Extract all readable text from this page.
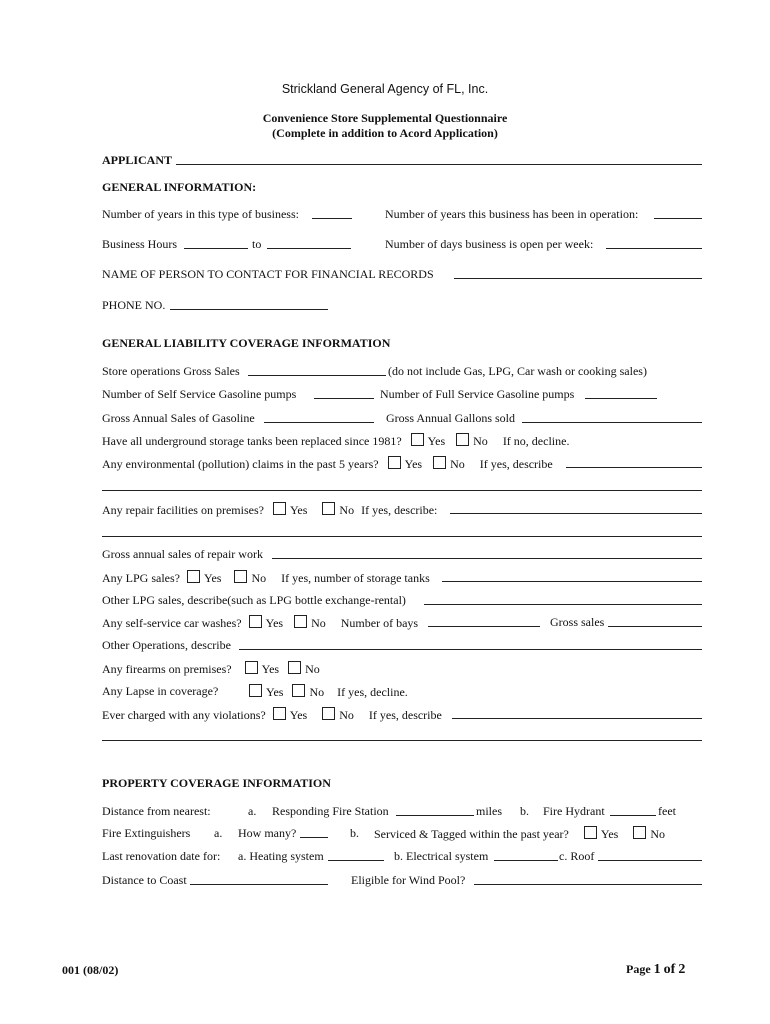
Strickland General Agency of FL, Inc.
Convenience Store Supplemental Questionnaire
(Complete in addition to Acord Application)
APPLICANT
GENERAL INFORMATION:
Number of years in this type of business:	Number of years this business has been in operation:
Business Hours	to	Number of days business is open per week:
NAME OF PERSON TO CONTACT FOR FINANCIAL RECORDS
PHONE NO.
GENERAL LIABILITY COVERAGE INFORMATION
Store operations Gross Sales	(do not include Gas, LPG, Car wash or cooking sales)
Number of Self Service Gasoline pumps	Number of Full Service Gasoline pumps
Gross Annual Sales of Gasoline	Gross Annual Gallons sold
Have all underground storage tanks been replaced since 1981? Yes No If no, decline.
Any environmental (pollution) claims in the past 5 years? Yes No If yes, describe
Any repair facilities on premises? Yes	No If yes, describe:
Gross annual sales of repair work
Any LPG sales? Yes	No If yes, number of storage tanks
Other LPG sales, describe(such as LPG bottle exchange-rental)
Any self-service car washes? Yes No Number of bays	Gross sales
Other Operations, describe
Any firearms on premises?	Yes No
Any Lapse in coverage?	Yes No If yes, decline.
Ever charged with any violations? Yes	No If yes, describe
PROPERTY COVERAGE INFORMATION
Distance from nearest:	a. Responding Fire Station	miles b. Fire Hydrant	feet
Fire Extinguishers a. How many?	b. Serviced & Tagged within the past year?	Yes	No
Last renovation date for: a. Heating system	b. Electrical system	c. Roof
Distance to Coast	Eligible for Wind Pool?
001 (08/02)	Page 1 of 2
